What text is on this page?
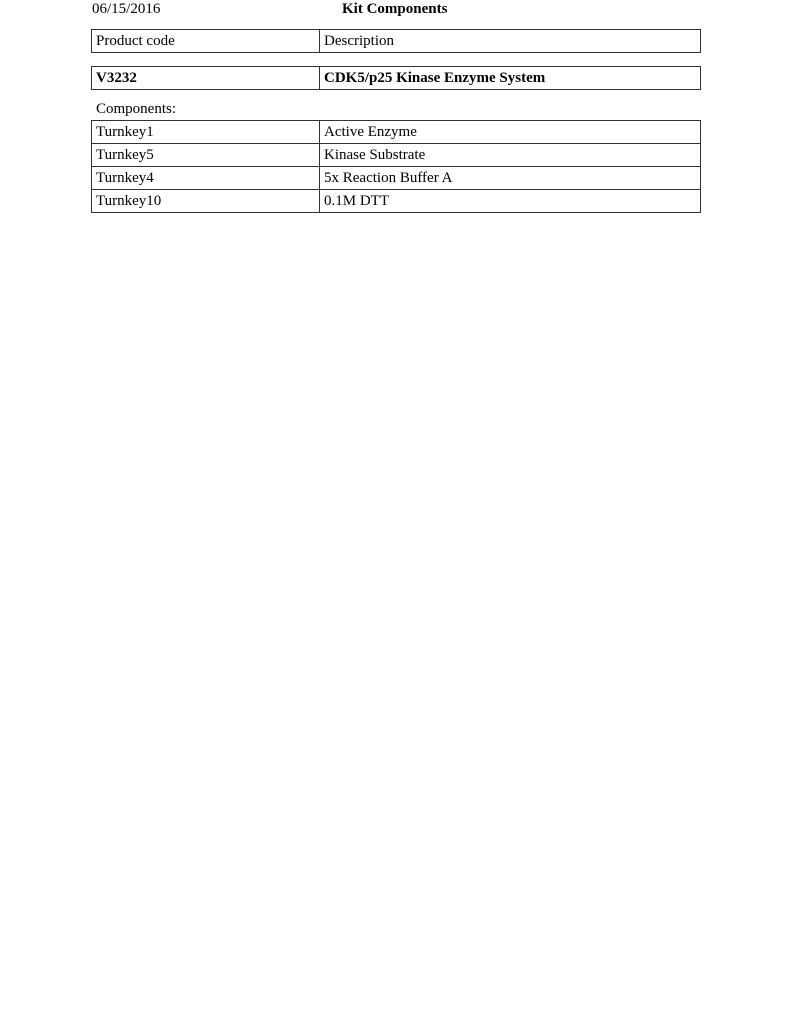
06/15/2016	Kit Components
Product code	Description
V3232	CDK5/p25 Kinase Enzyme System
Components:
Turnkey1	Active Enzyme
Turnkey5	Kinase Substrate
Turnkey4	5x Reaction Buffer A
Turnkey10	0.1M DTT
